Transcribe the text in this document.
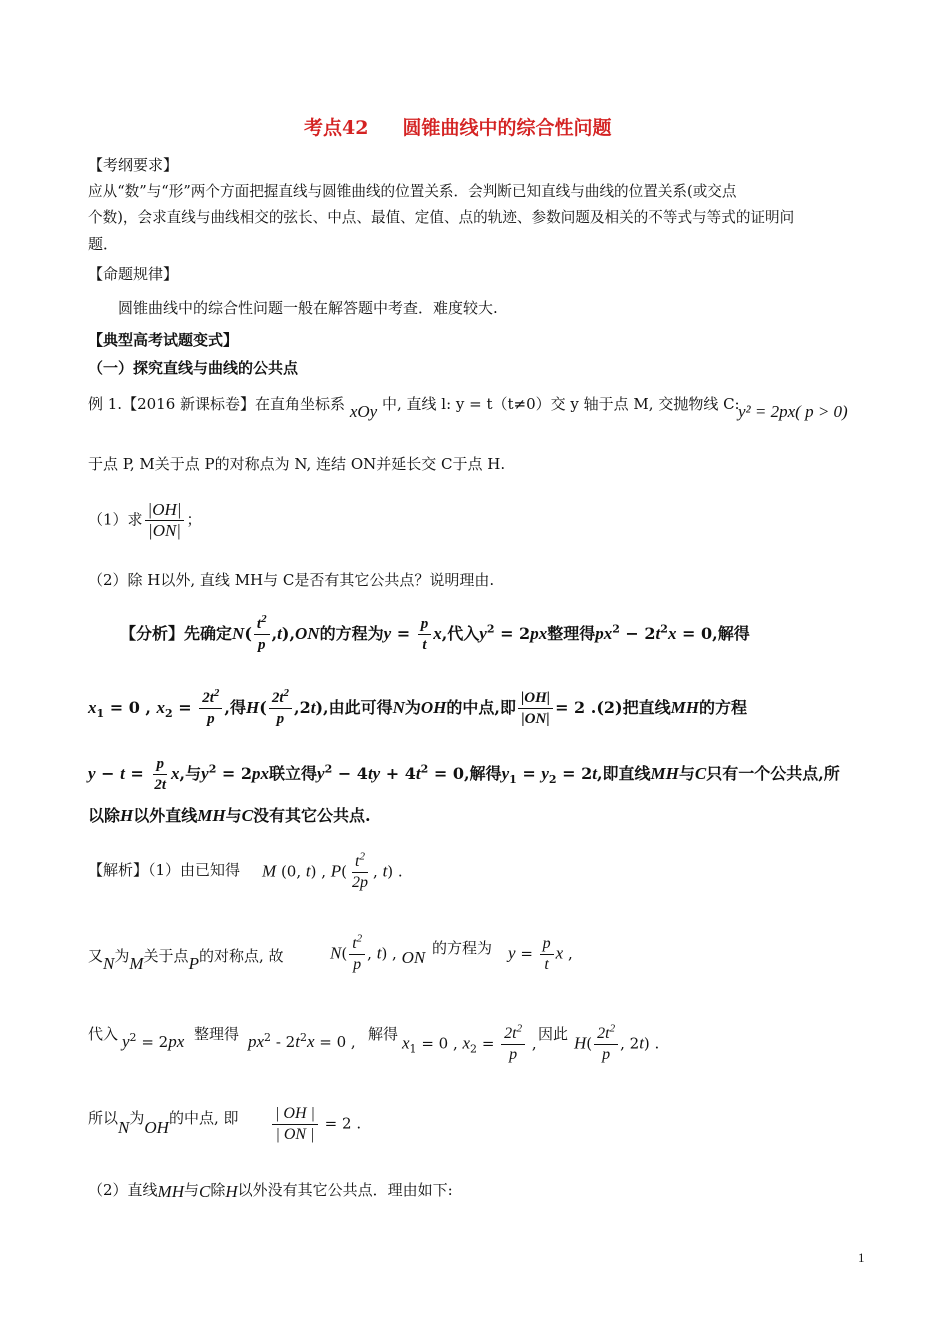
考点42 圆锥曲线中的综合性问题
【考纲要求】
应从“数”与“形”两个方面把握直线与圆锥曲线的位置关系．会判断已知直线与曲线的位置关系(或交点
个数)，会求直线与曲线相交的弦长、中点、最值、定值、点的轨迹、参数问题及相关的不等式与等式的证明问
题．
【命题规律】
圆锥曲线中的综合性问题一般在解答题中考查．难度较大.
【典型高考试题变式】
（一）探究直线与曲线的公共点
例 1.【2016 新课标卷】在直角坐标系 xOy 中, 直线 l: y = t（t≠0）交 y 轴于点 M, 交抛物线 C:
y² = 2px( p > 0)
于点 P, M关于点 P的对称点为 N, 连结 ON并延长交 C于点 H.
（1）求 $\frac{|OH|}{|ON|}$ ；
（2）除 H以外, 直线 MH与 C是否有其它公共点？说明理由.
【分析】先确定$N( \frac{t^2}{p} ,t),ON$的方程为$y = \frac{p}{t} x$,代入$y^2 = 2px$整理得$px^2 - 2t^2x = 0$,解得
$x_1 = 0$ , $x_2 = \frac{2t^2}{p}$ ,得$H( \frac{2t^2}{p} ,2t)$,由此可得N为OH的中点,即 $\frac{|OH|}{|ON|} = 2$ .(2)把直线MH的方程
$y - t = \frac{p}{2t} x$,与$y^2 = 2px$联立得$y^2 - 4ty + 4t^2 = 0$,解得$y_1 = y_2 = 2t$,即直线MH与C只有一个公共点,所
以除H以外直线MH与C没有其它公共点.
【解析】（1）由已知得 M (0, t) , $P( \frac{t^2}{2p}$ , t) .
又N为M关于点P的对称点, 故	$N( \frac{t^2}{p}$ , t) , ON 的方程为 $y = \frac{p}{t}$ x ,
代入 $y^2 = 2px$ 整理得 $px^2 - 2t^2x = 0$ , 解得 $x_1 = 0$ , $x_2 = \frac{2t^2}{p}$ ,
因此 $H( \frac{2t^2}{p}$ , 2t) .
所以N为OH的中点, 即 $\frac{| OH |}{| ON |} = 2$ .
（2）直线MH与C除H以外没有其它公共点．理由如下:
1
